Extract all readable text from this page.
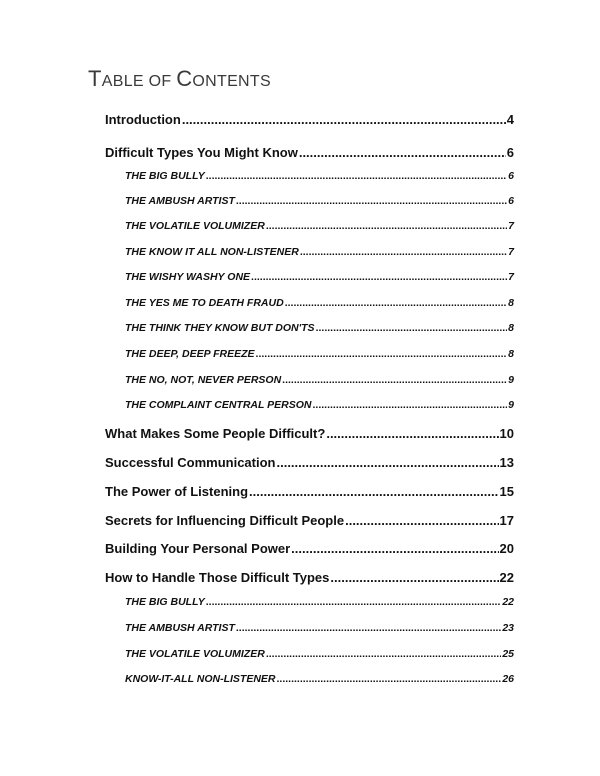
TABLE OF CONTENTS
Introduction .....	4
Difficult Types You Might Know .....	6
THE BIG BULLY .....	6
THE AMBUSH ARTIST .....	6
THE VOLATILE VOLUMIZER .....	7
THE KNOW IT ALL NON-LISTENER .....	7
THE WISHY WASHY ONE .....	7
THE YES ME TO DEATH FRAUD .....	8
THE THINK THEY KNOW BUT DON'TS .....	8
THE DEEP, DEEP FREEZE .....	8
THE NO, NOT, NEVER PERSON .....	9
THE COMPLAINT CENTRAL PERSON .....	9
What Makes Some People Difficult? .....	10
Successful Communication .....	13
The Power of Listening .....	15
Secrets for Influencing Difficult People .....	17
Building Your Personal Power .....	20
How to Handle Those Difficult Types .....	22
THE BIG BULLY .....	22
THE AMBUSH ARTIST .....	23
THE VOLATILE VOLUMIZER .....	25
KNOW-IT-ALL NON-LISTENER .....	26
